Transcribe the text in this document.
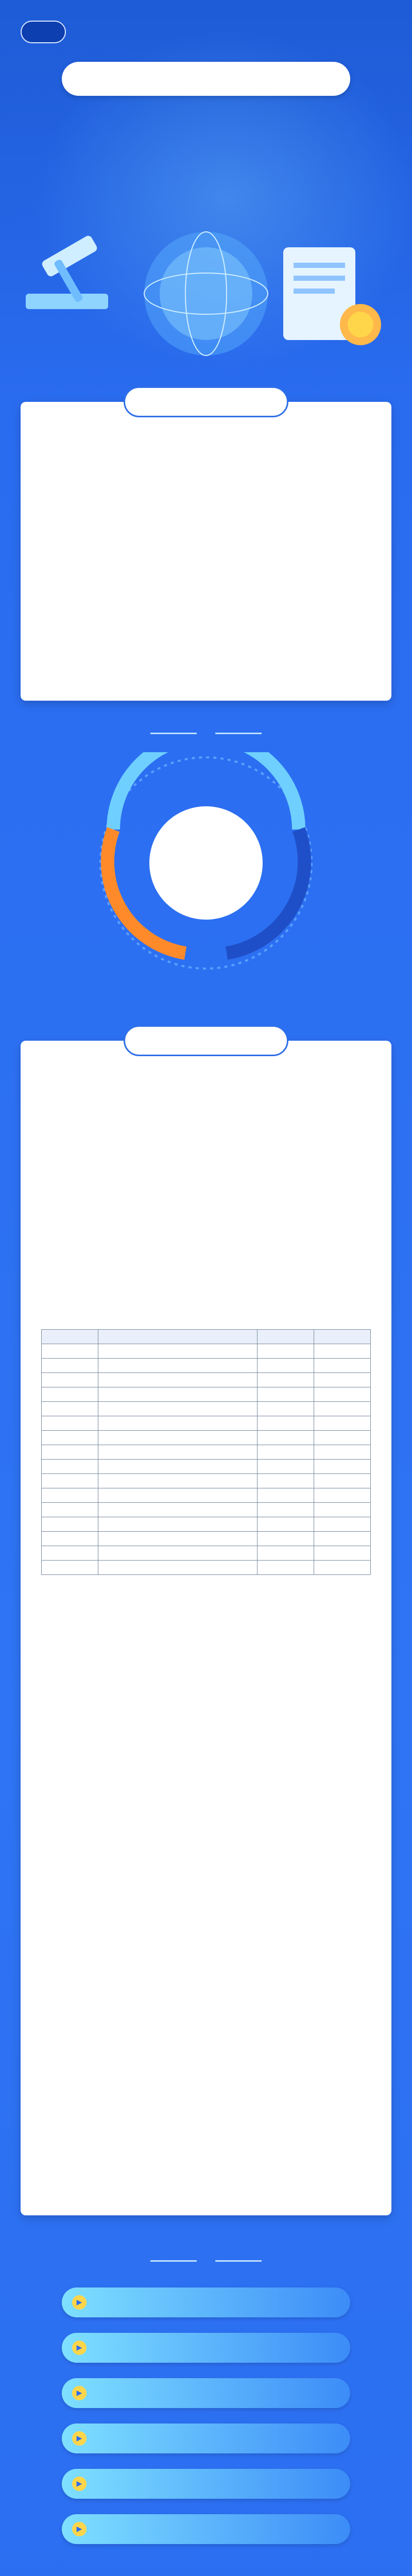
▶
▶
▶
▶
▶
▶
